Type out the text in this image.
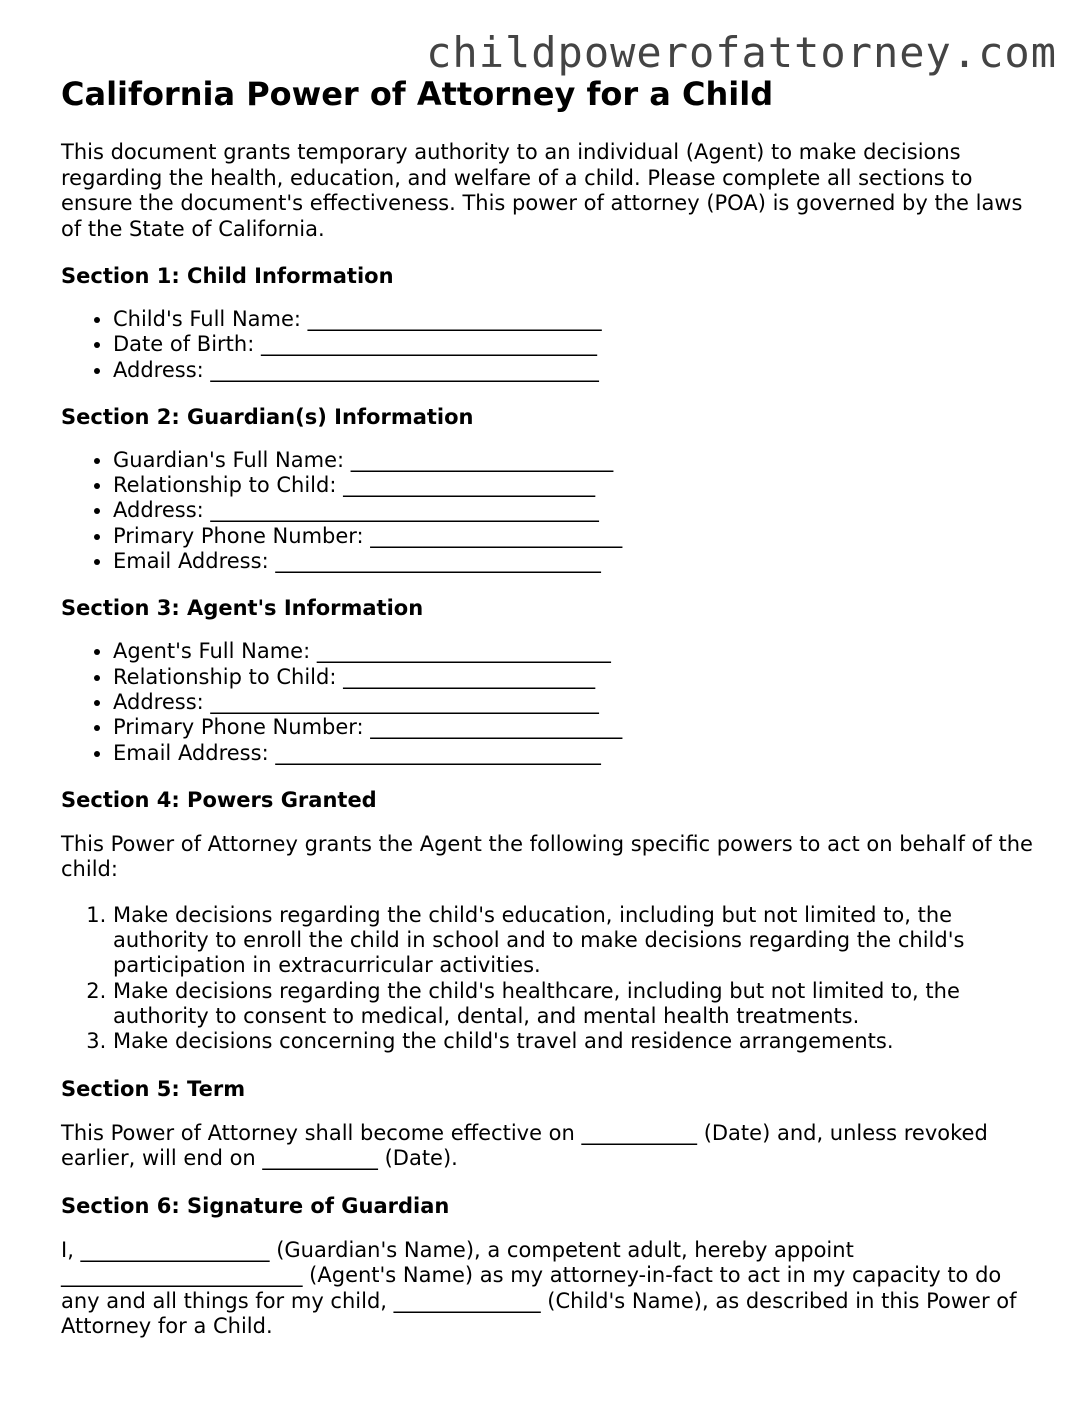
childpowerofattorney.com
California Power of Attorney for a Child

This document grants temporary authority to an individual (Agent) to make decisions regarding the health, education, and welfare of a child. Please complete all sections to ensure the document's effectiveness. This power of attorney (POA) is governed by the laws of the State of California.

Section 1: Child Information
• Child's Full Name: ____________________________
• Date of Birth: ________________________________
• Address: _____________________________________
Section 2: Guardian(s) Information
• Guardian's Full Name: _________________________
• Relationship to Child: ________________________
• Address: _____________________________________
• Primary Phone Number: ________________________
• Email Address: _______________________________
Section 3: Agent's Information
• Agent's Full Name: ____________________________
• Relationship to Child: ________________________
• Address: _____________________________________
• Primary Phone Number: ________________________
• Email Address: _______________________________
Section 4: Powers Granted

This Power of Attorney grants the Agent the following specific powers to act on behalf of the child:

1. Make decisions regarding the child's education, including but not limited to, the authority to enroll the child in school and to make decisions regarding the child's participation in extracurricular activities.
2. Make decisions regarding the child's healthcare, including but not limited to, the authority to consent to medical, dental, and mental health treatments.
3. Make decisions concerning the child's travel and residence arrangements.
Section 5: Term

This Power of Attorney shall become effective on ___________ (Date) and, unless revoked earlier, will end on ___________ (Date).

Section 6: Signature of Guardian

I, __________________ (Guardian's Name), a competent adult, hereby appoint _______________________ (Agent's Name) as my attorney-in-fact to act in my capacity to do any and all things for my child, ______________ (Child's Name), as described in this Power of Attorney for a Child.
